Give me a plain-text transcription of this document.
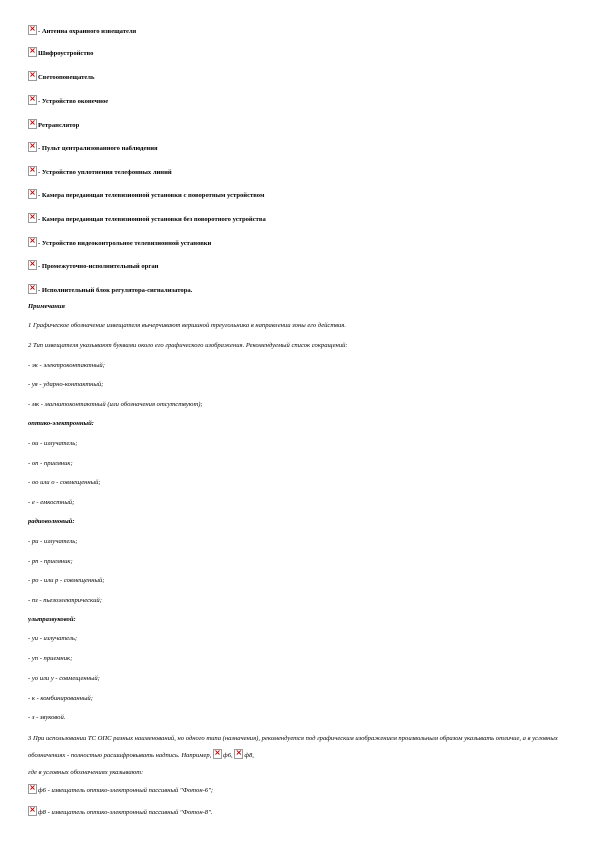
×- Антенна охранного извещателя
×Шифроустройство
×Светооповещатель
×- Устройство оконечное
×Ретранслятор
×- Пульт централизованного наблюдения
×- Устройство уплотнения телефонных линий
×- Камера передающая телевизионной установки с поворотным устройством
×- Камера передающая телевизионной установки без поворотного устройства
×- Устройство видеоконтрольное телевизионной установки
×- Промежуточно-исполнительный орган
×- Исполнительный блок регулятора-сигнализатора.
Примечания
1 Графическое обозначение извещателя вычерчивают вершиной треугольника в направлении зоны его действия.
2 Тип извещателя указывают буквами около его графического изображения. Рекомендуемый список сокращений:
- эк - электроконтактный;
- уя - ударно-контактный;
- мк - магнитоконтактный (или обозначения отсутствуют);
оптико-электронный:
- ои - излучатель;
- оп - приемник;
- оо или о - совмещенный;
- е - емкостный;
радиоволновый:
- ри - излучатель;
- рп - приемник;
- ро - или р - совмещенный;
- пз - пьезоэлектрический;
ультразвуковой:
- уи - излучатель;
- уп - приемник;
- уо или у - совмещенный;
- к - комбинированный;
- з - звуковой.
3 При использовании ТС ОПС разных наименований, но одного типа (назначения), рекомендуется под графическим изображением произвольным образом указывать отличие, а в условных обозначениях - полностью расшифровывать надпись. Например, × ф6, × ф8,
где в условных обозначениях указывают:
×ф6 - извещатель оптико-электронный пассивный "Фотон-6";
×ф8 - извещатель оптико-электронный пассивный "Фотон-8".
